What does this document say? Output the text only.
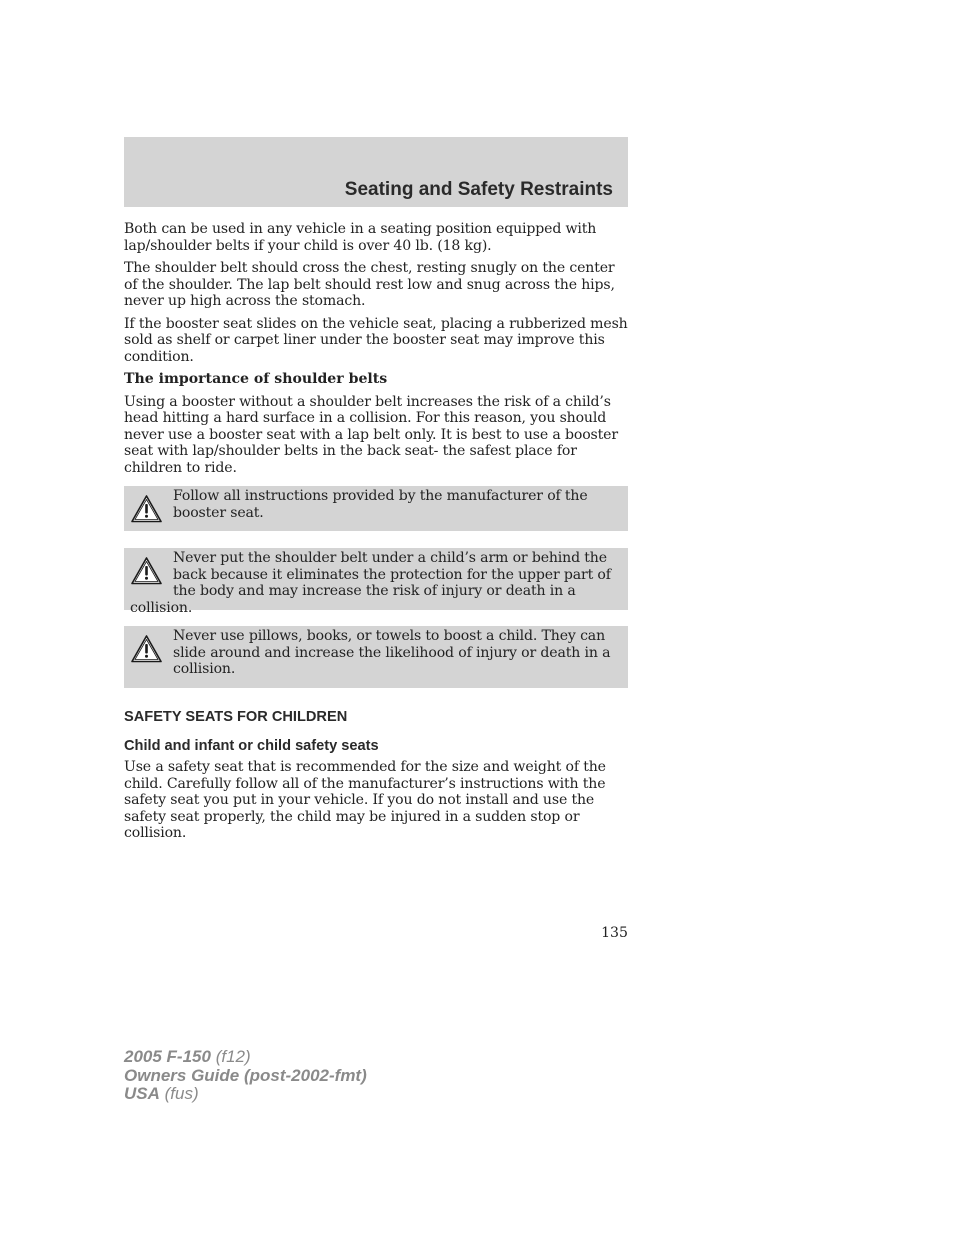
Seating and Safety Restraints

Both can be used in any vehicle in a seating position equipped with lap/shoulder belts if your child is over 40 lb. (18 kg).

The shoulder belt should cross the chest, resting snugly on the center of the shoulder. The lap belt should rest low and snug across the hips, never up high across the stomach.

If the booster seat slides on the vehicle seat, placing a rubberized mesh sold as shelf or carpet liner under the booster seat may improve this condition.

The importance of shoulder belts

Using a booster without a shoulder belt increases the risk of a child’s head hitting a hard surface in a collision. For this reason, you should never use a booster seat with a lap belt only. It is best to use a booster seat with lap/shoulder belts in the back seat- the safest place for children to ride.

Follow all instructions provided by the manufacturer of the booster seat.
Never put the shoulder belt under a child’s arm or behind the back because it eliminates the protection for the upper part of the body and may increase the risk of injury or death in a collision.
Never use pillows, books, or towels to boost a child. They can slide around and increase the likelihood of injury or death in a collision.
SAFETY SEATS FOR CHILDREN
Child and infant or child safety seats

Use a safety seat that is recommended for the size and weight of the child. Carefully follow all of the manufacturer’s instructions with the safety seat you put in your vehicle. If you do not install and use the safety seat properly, the child may be injured in a sudden stop or collision.

135
2005 F-150 (f12)
Owners Guide (post-2002-fmt)
USA (fus)
